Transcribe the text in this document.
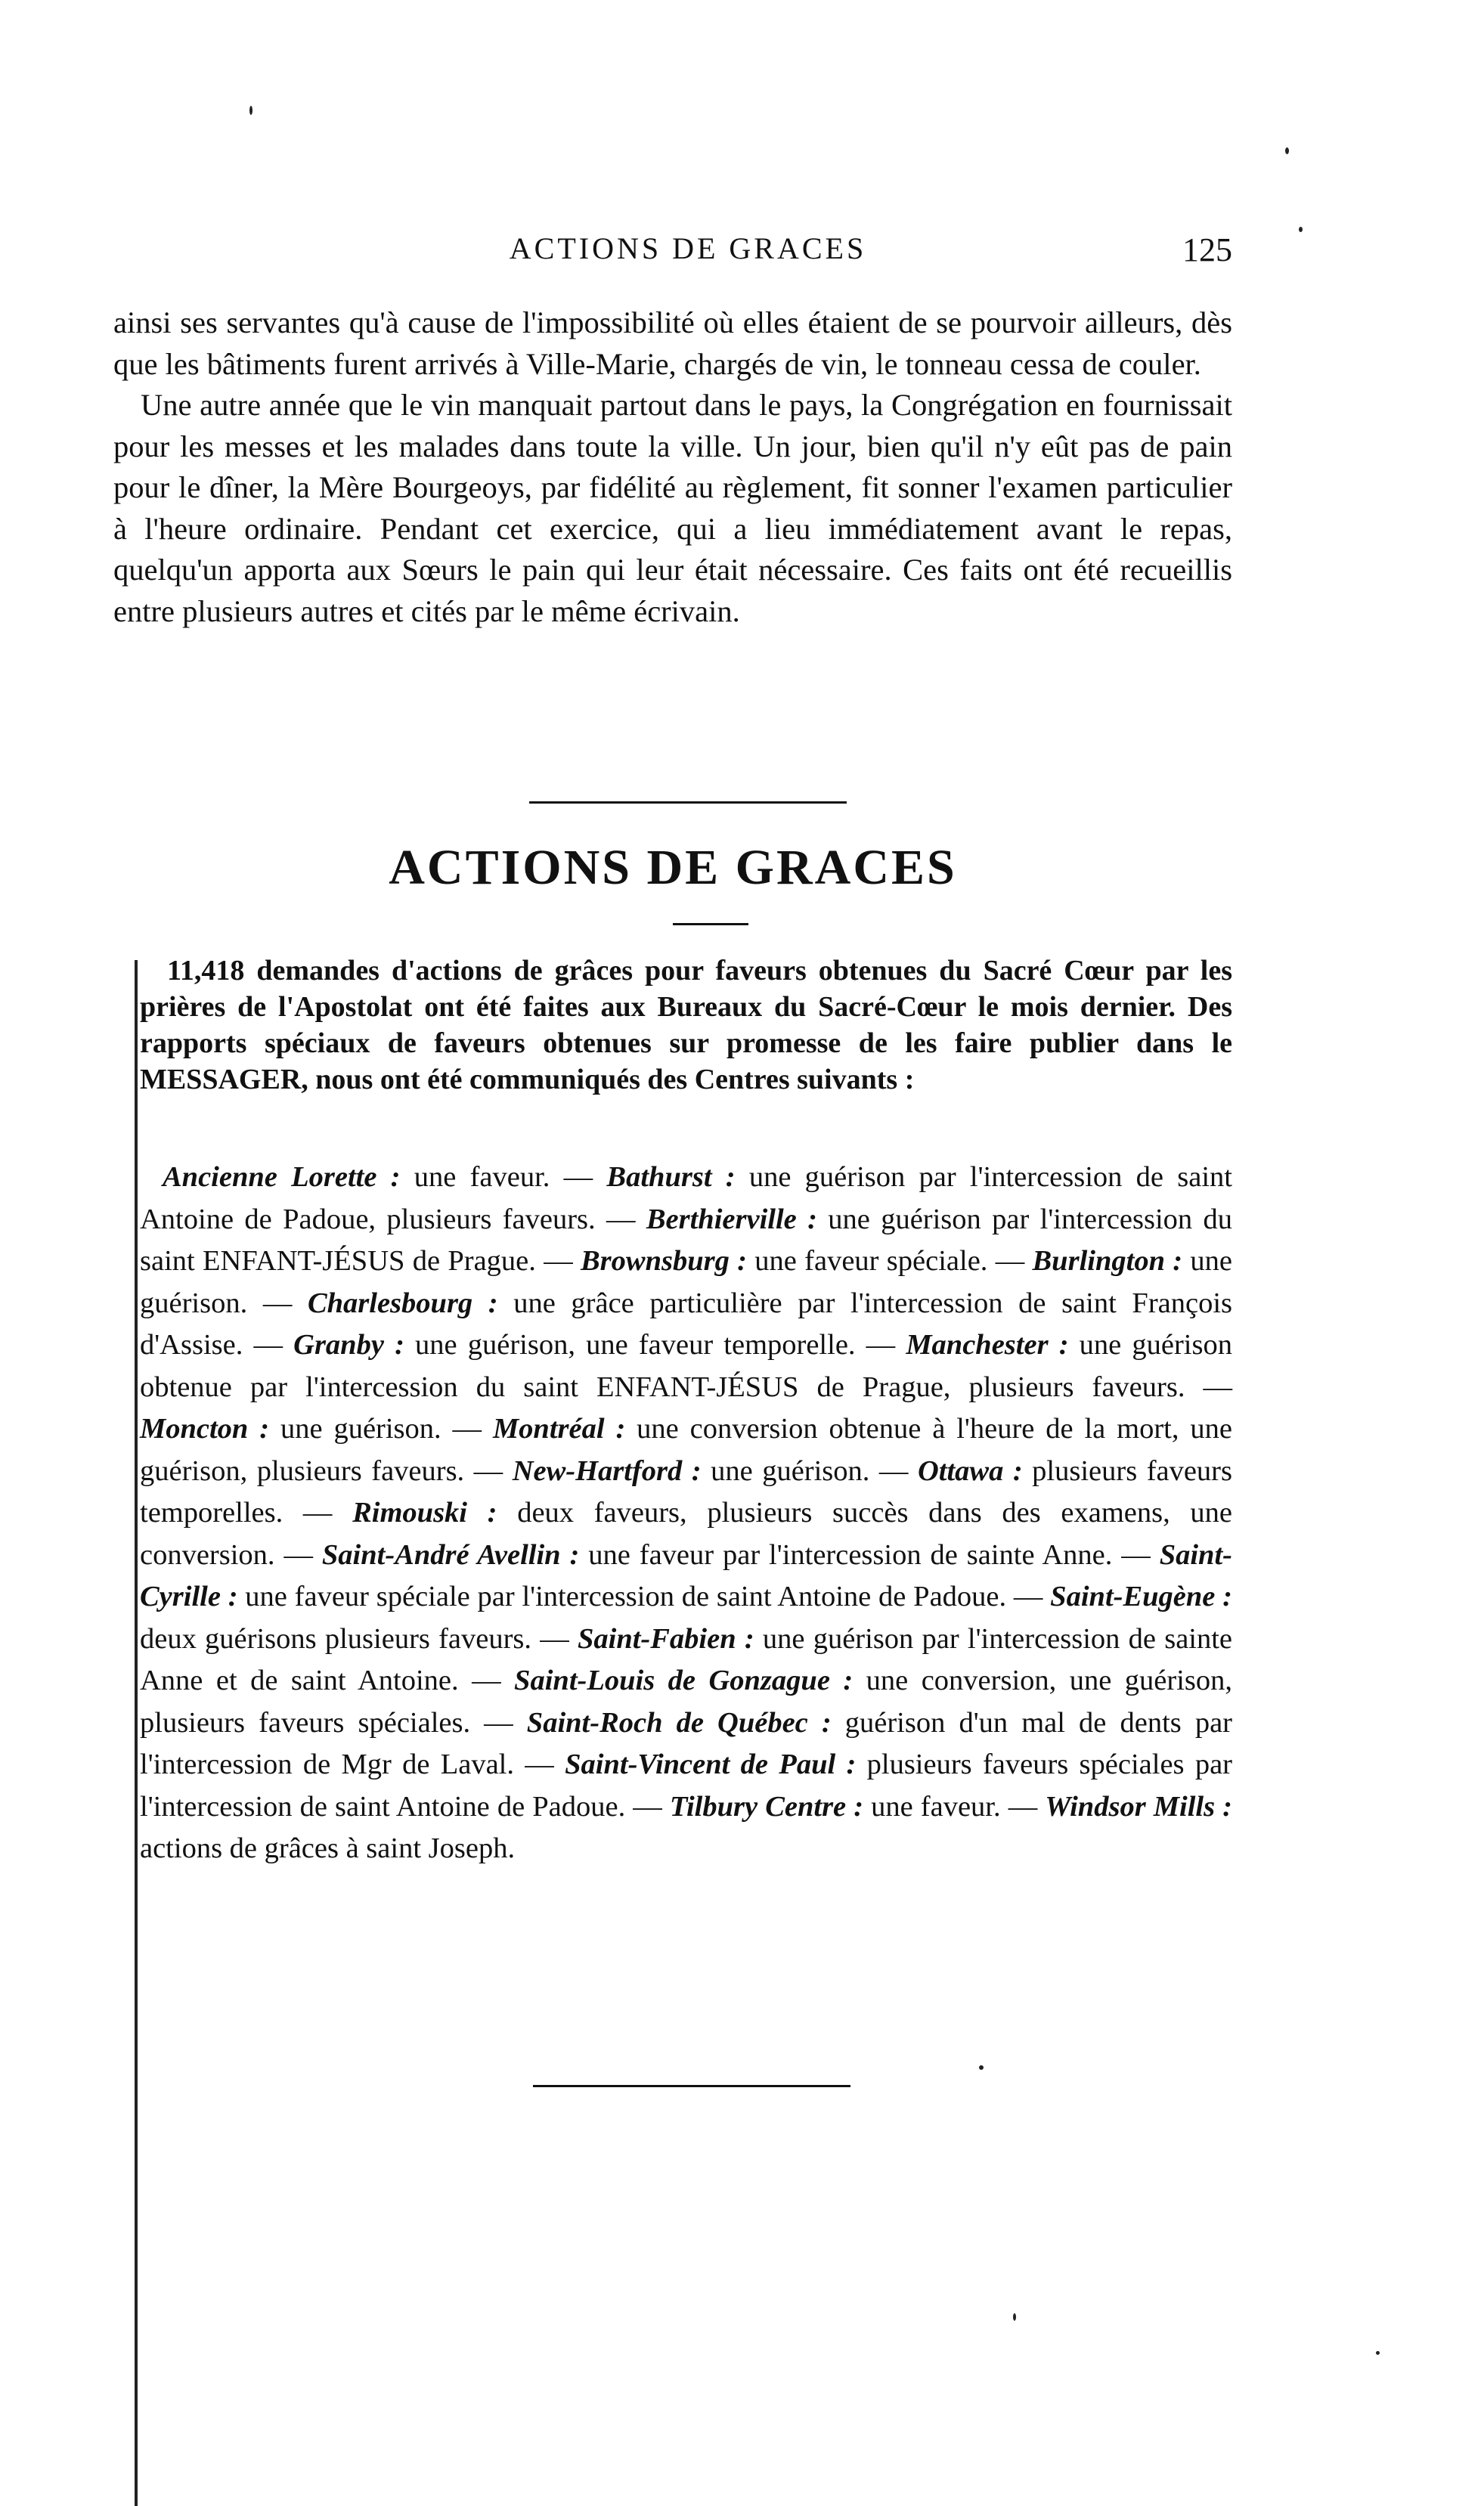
ACTIONS DE GRACES	125

ainsi ses servantes qu'à cause de l'impossibilité où elles étaient de se pourvoir ailleurs, dès que les bâtiments furent arrivés à Ville-Marie, chargés de vin, le tonneau cessa de couler.

Une autre année que le vin manquait partout dans le pays, la Congrégation en fournissait pour les messes et les malades dans toute la ville. Un jour, bien qu'il n'y eût pas de pain pour le dîner, la Mère Bourgeoys, par fidélité au règlement, fit sonner l'examen particulier à l'heure ordinaire. Pendant cet exercice, qui a lieu immédiatement avant le repas, quelqu'un apporta aux Sœurs le pain qui leur était nécessaire. Ces faits ont été recueillis entre plusieurs autres et cités par le même écrivain.

ACTIONS DE GRACES

11,418 demandes d'actions de grâces pour faveurs obtenues du Sacré Cœur par les prières de l'Apostolat ont été faites aux Bureaux du Sacré-Cœur le mois dernier. Des rapports spéciaux de faveurs obtenues sur promesse de les faire publier dans le MESSAGER, nous ont été communiqués des Centres suivants :

Ancienne Lorette : une faveur. — Bathurst : une guérison par l'intercession de saint Antoine de Padoue, plusieurs faveurs. — Berthierville : une guérison par l'intercession du saint ENFANT-JÉSUS de Prague. — Brownsburg : une faveur spéciale. — Burlington : une guérison. — Charlesbourg : une grâce particulière par l'intercession de saint François d'Assise. — Granby : une guérison, une faveur temporelle. — Manchester : une guérison obtenue par l'intercession du saint ENFANT-JÉSUS de Prague, plusieurs faveurs. — Moncton : une guérison. — Montréal : une conversion obtenue à l'heure de la mort, une guérison, plusieurs faveurs. — New-Hartford : une guérison. — Ottawa : plusieurs faveurs temporelles. — Rimouski : deux faveurs, plusieurs succès dans des examens, une conversion. — Saint-André Avellin : une faveur par l'intercession de sainte Anne. — Saint-Cyrille : une faveur spéciale par l'intercession de saint Antoine de Padoue. — Saint-Eugène : deux guérisons plusieurs faveurs. — Saint-Fabien : une guérison par l'intercession de sainte Anne et de saint Antoine. — Saint-Louis de Gonzague : une conversion, une guérison, plusieurs faveurs spéciales. — Saint-Roch de Québec : guérison d'un mal de dents par l'intercession de Mgr de Laval. — Saint-Vincent de Paul : plusieurs faveurs spéciales par l'intercession de saint Antoine de Padoue. — Tilbury Centre : une faveur. — Windsor Mills : actions de grâces à saint Joseph.
